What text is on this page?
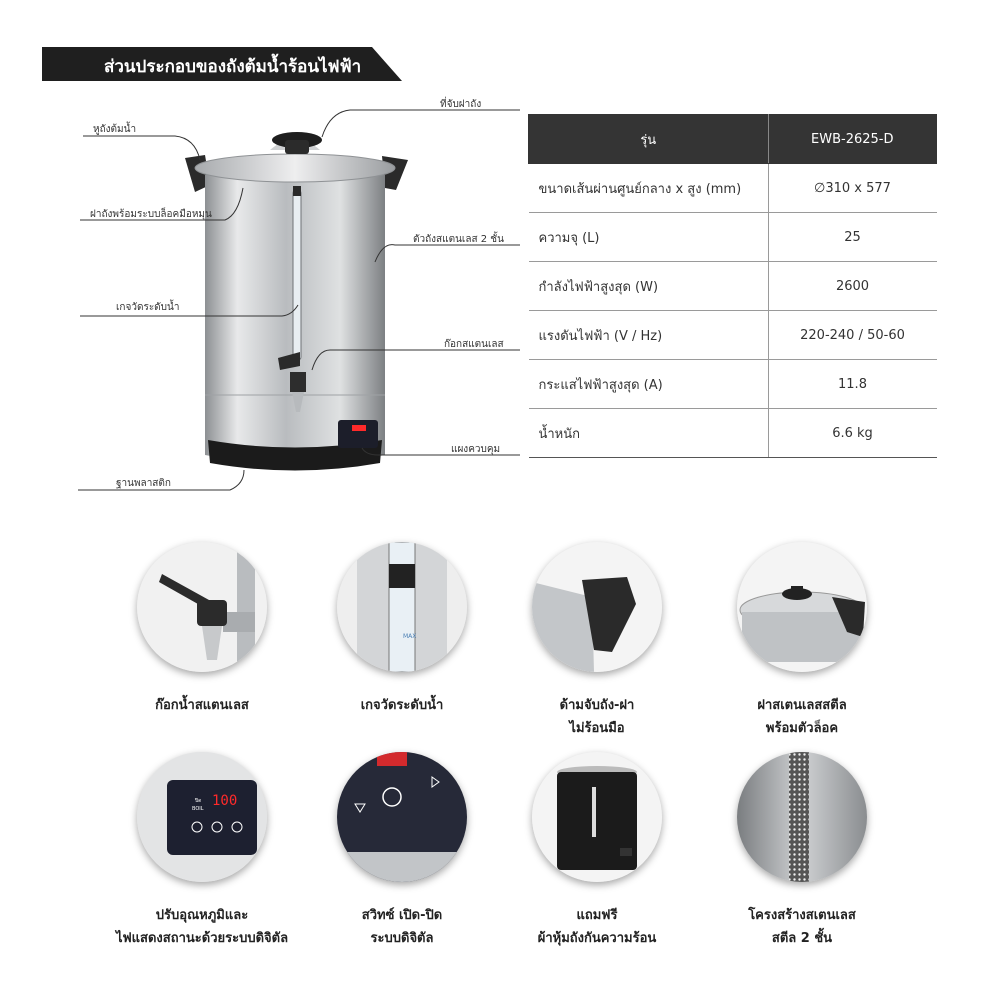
ส่วนประกอบของถังต้มน้ำร้อนไฟฟ้า
ที่จับฝาถัง
หูถังต้มน้ำ
ฝาถังพร้อมระบบล็อคมือหมุน
ตัวถังสแตนเลส 2 ชั้น
เกจวัดระดับน้ำ
ก๊อกสแตนเลส
แผงควบคุม
ฐานพลาสติก
รุ่น	EWB-2625-D
ขนาดเส้นผ่านศูนย์กลาง x สูง (mm)	∅310 x 577
ความจุ (L)	25
กำลังไฟฟ้าสูงสุด (W)	2600
แรงดันไฟฟ้า (V / Hz)	220-240 / 50-60
กระแสไฟฟ้าสูงสุด (A)	11.8
น้ำหนัก	6.6 kg
ก๊อกน้ำสแตนเลส
MAX
เกจวัดระดับน้ำ	ด้ามจับถัง-ฝา
ไม่ร้อนมือ
ฝาสเตนเลสสตีล
พร้อมตัวล็อค
100
ปิด
BOIL
ปรับอุณหภูมิและ
ไฟแสดงสถานะด้วยระบบดิจิตัล
สวิทซ์ เปิด-ปิด
ระบบดิจิตัล
แถมฟรี
ผ้าหุ้มถังกันความร้อน
โครงสร้างสเตนเลส
สตีล 2 ชั้น
